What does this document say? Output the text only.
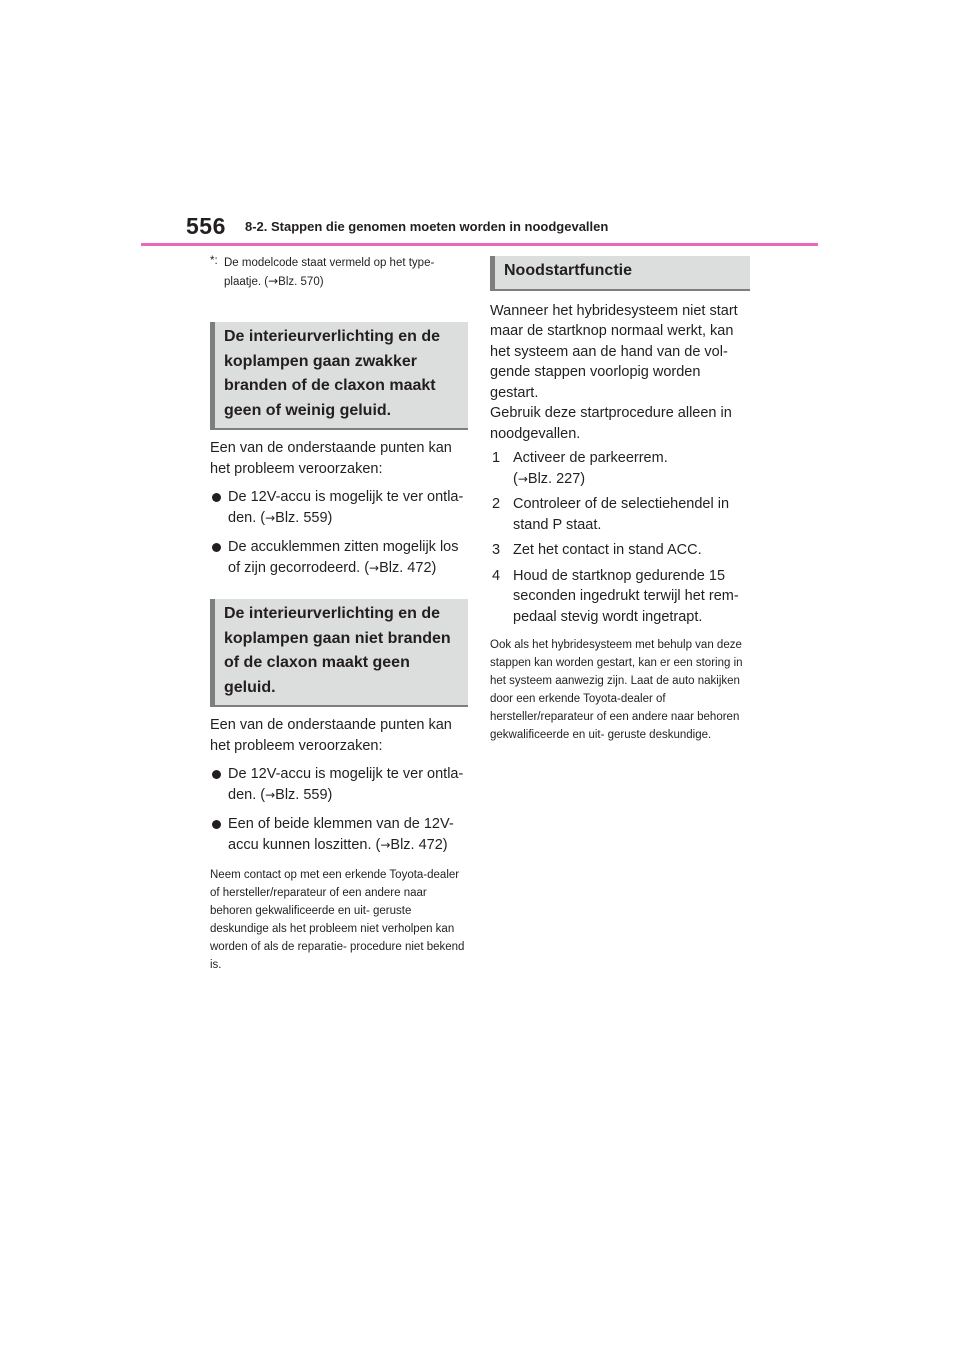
556 8-2. Stappen die genomen moeten worden in noodgevallen
*: De modelcode staat vermeld op het type-
plaatje. (→Blz. 570)
De interieurverlichting en de koplampen gaan zwakker branden of de claxon maakt geen of weinig geluid.

Een van de onderstaande punten kan het probleem veroorzaken:

De 12V-accu is mogelijk te ver ontla- den. (→Blz. 559)
De accuklemmen zitten mogelijk los of zijn gecorrodeerd. (→Blz. 472)
De interieurverlichting en de koplampen gaan niet branden of de claxon maakt geen geluid.

Een van de onderstaande punten kan het probleem veroorzaken:

De 12V-accu is mogelijk te ver ontla- den. (→Blz. 559)
Een of beide klemmen van de 12V-accu kunnen loszitten. (→Blz. 472)

Neem contact op met een erkende Toyota-dealer of hersteller/reparateur of een andere naar behoren gekwalificeerde en uit- geruste deskundige als het probleem niet verholpen kan worden of als de reparatie- procedure niet bekend is.

Noodstartfunctie

Wanneer het hybridesysteem niet start maar de startknop normaal werkt, kan het systeem aan de hand van de vol- gende stappen voorlopig worden gestart.

Gebruik deze startprocedure alleen in noodgevallen.

1 Activeer de parkeerrem.
(→Blz. 227)
2 Controleer of de selectiehendel in stand P staat.
3 Zet het contact in stand ACC.
4 Houd de startknop gedurende 15 seconden ingedrukt terwijl het rem- pedaal stevig wordt ingetrapt.

Ook als het hybridesysteem met behulp van deze stappen kan worden gestart, kan er een storing in het systeem aanwezig zijn. Laat de auto nakijken door een erkende Toyota-dealer of hersteller/reparateur of een andere naar behoren gekwalificeerde en uit- geruste deskundige.
